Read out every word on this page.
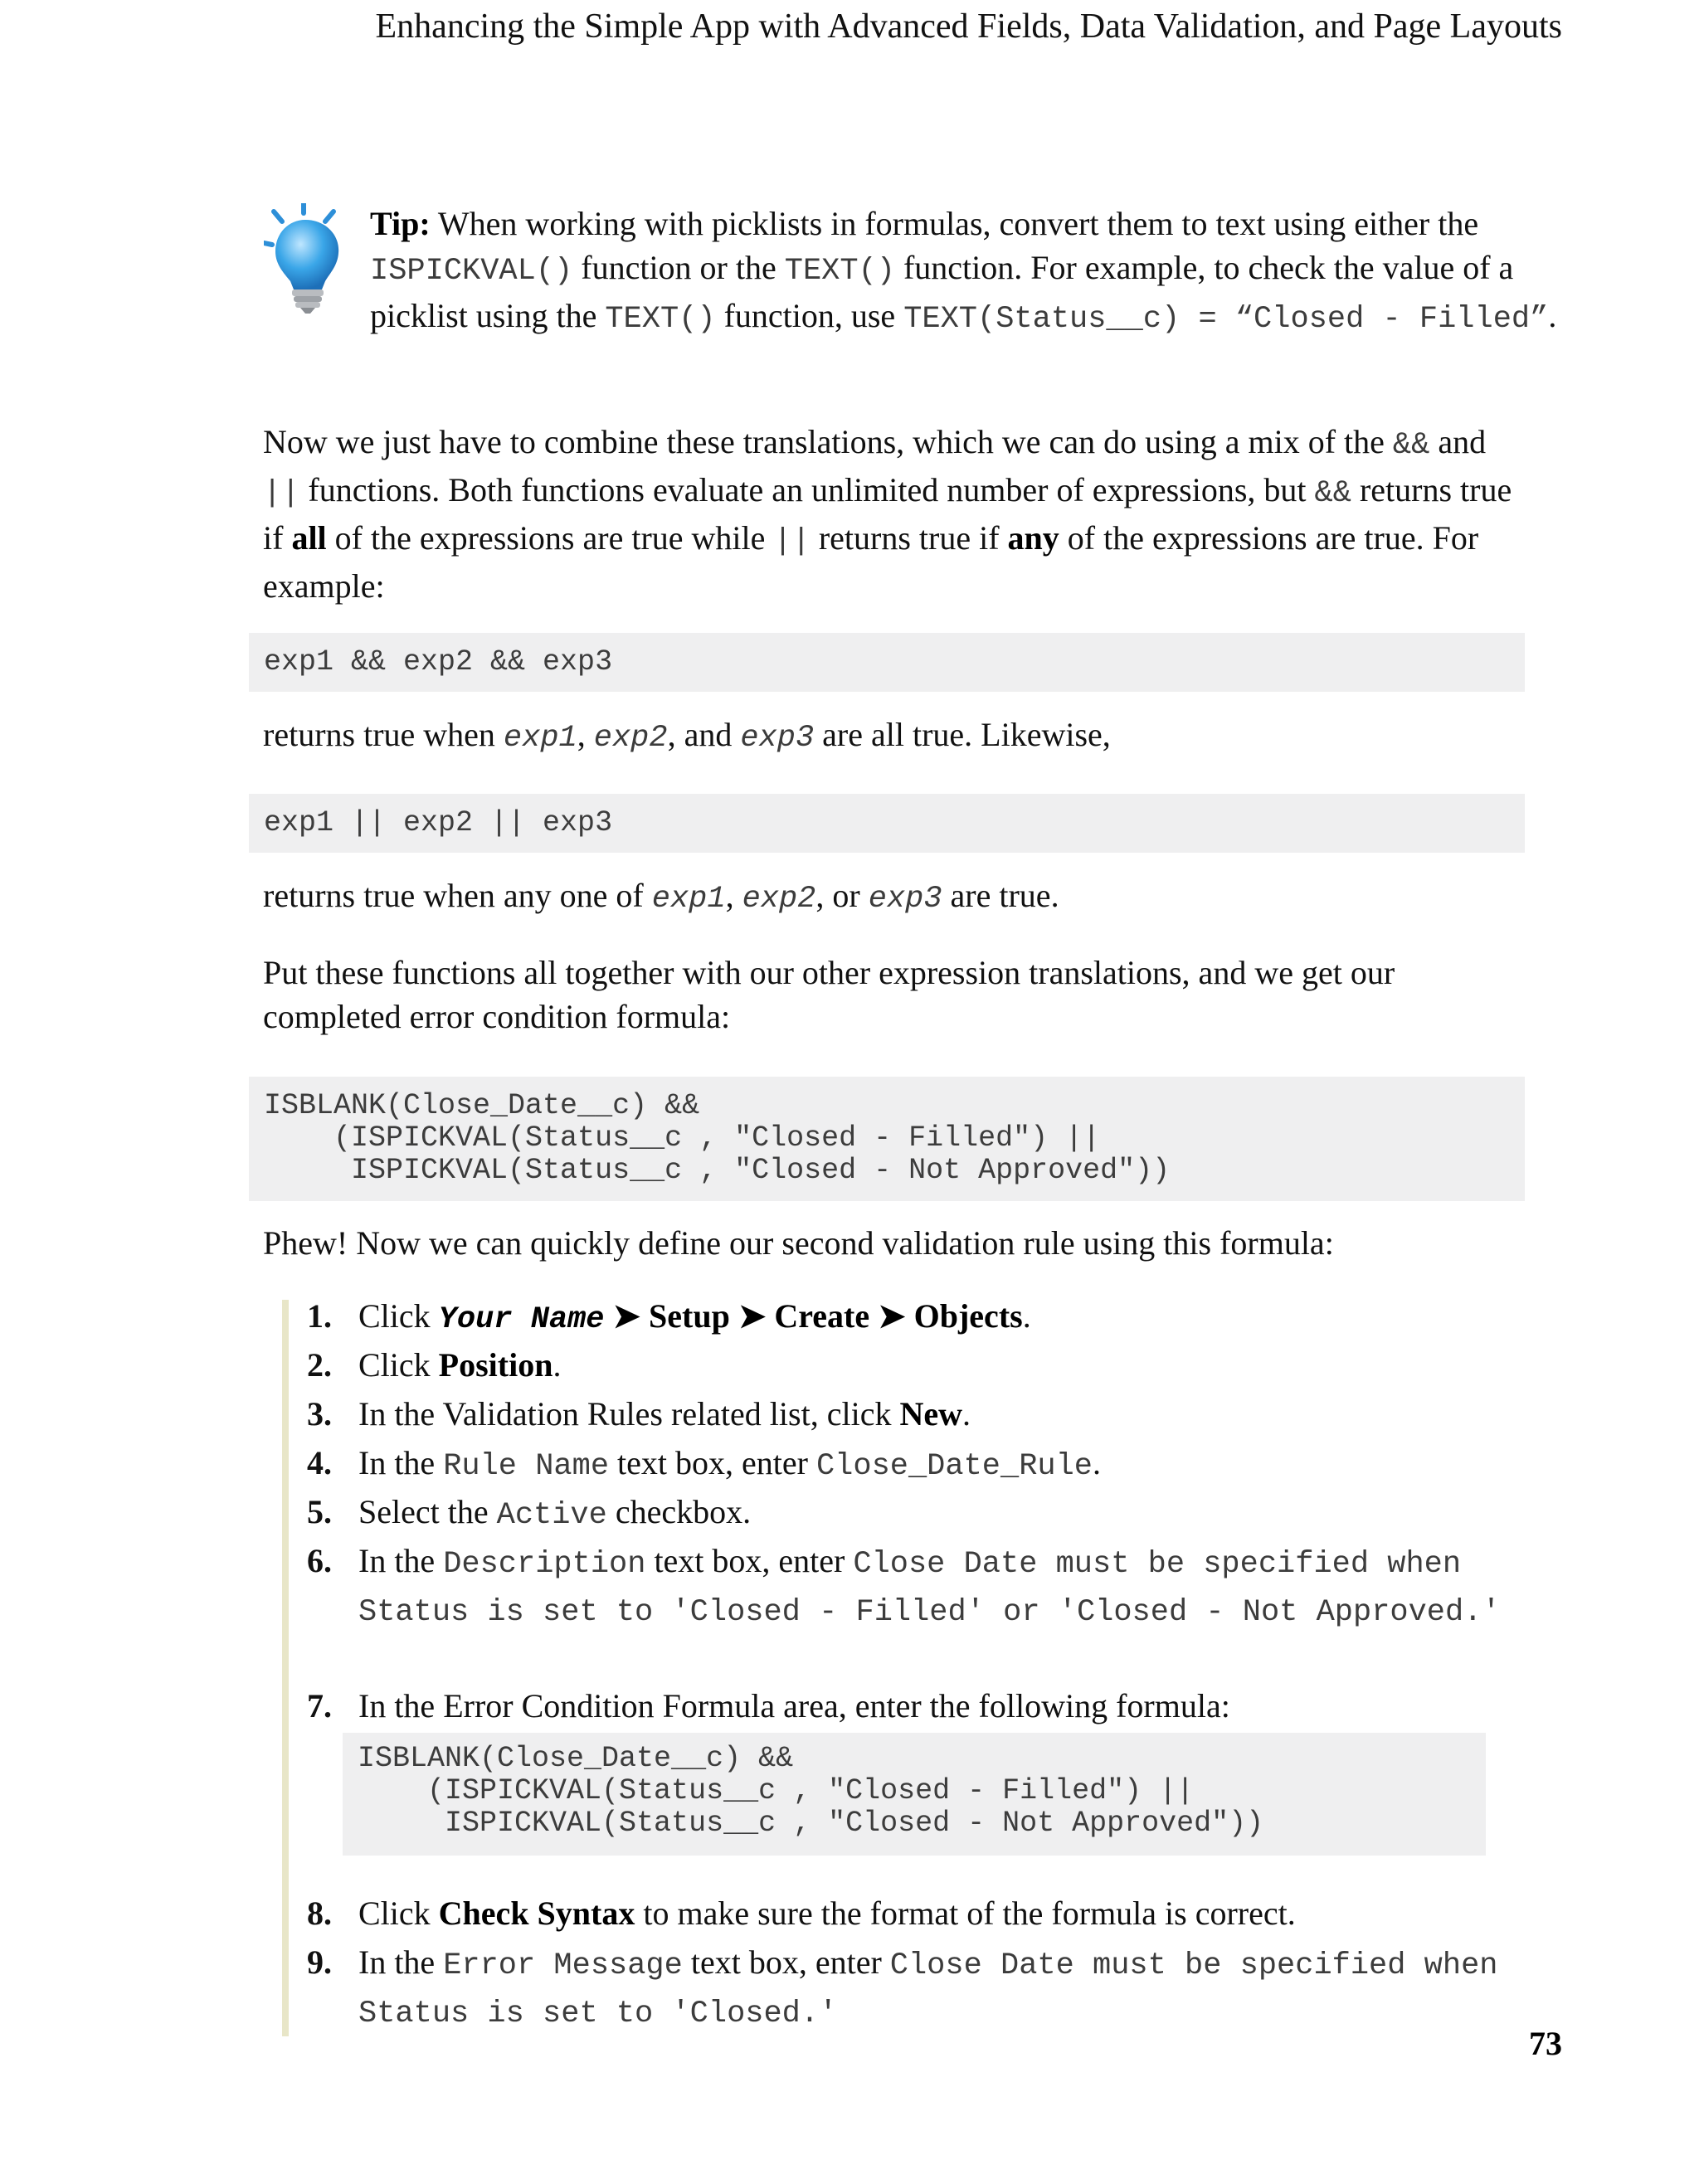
Enhancing the Simple App with Advanced Fields, Data Validation, and Page Layouts

Tip: When working with picklists in formulas, convert them to text using either the ISPICKVAL() function or the TEXT() function. For example, to check the value of a picklist using the TEXT() function, use TEXT(Status__c) = “Closed - Filled”.

Now we just have to combine these translations, which we can do using a mix of the && and || functions. Both functions evaluate an unlimited number of expressions, but && returns true if all of the expressions are true while || returns true if any of the expressions are true. For example:

exp1 && exp2 && exp3

returns true when exp1, exp2, and exp3 are all true. Likewise,

exp1 || exp2 || exp3

returns true when any one of exp1, exp2, or exp3 are true.

Put these functions all together with our other expression translations, and we get our completed error condition formula:

ISBLANK(Close_Date__c) &&
(ISPICKVAL(Status__c , "Closed - Filled") ||
ISPICKVAL(Status__c , "Closed - Not Approved"))

Phew! Now we can quickly define our second validation rule using this formula:

1. Click Your Name ➤ Setup ➤ Create ➤ Objects.
2. Click Position.
3. In the Validation Rules related list, click New.
4. In the Rule Name text box, enter Close_Date_Rule.
5. Select the Active checkbox.
6. In the Description text box, enter Close Date must be specified when Status is set to 'Closed - Filled' or 'Closed - Not Approved.'
7. In the Error Condition Formula area, enter the following formula:
8. Click Check Syntax to make sure the format of the formula is correct.
9. In the Error Message text box, enter Close Date must be specified when Status is set to 'Closed.'
ISBLANK(Close_Date__c) &&
(ISPICKVAL(Status__c , "Closed - Filled") ||
ISPICKVAL(Status__c , "Closed - Not Approved"))
73
